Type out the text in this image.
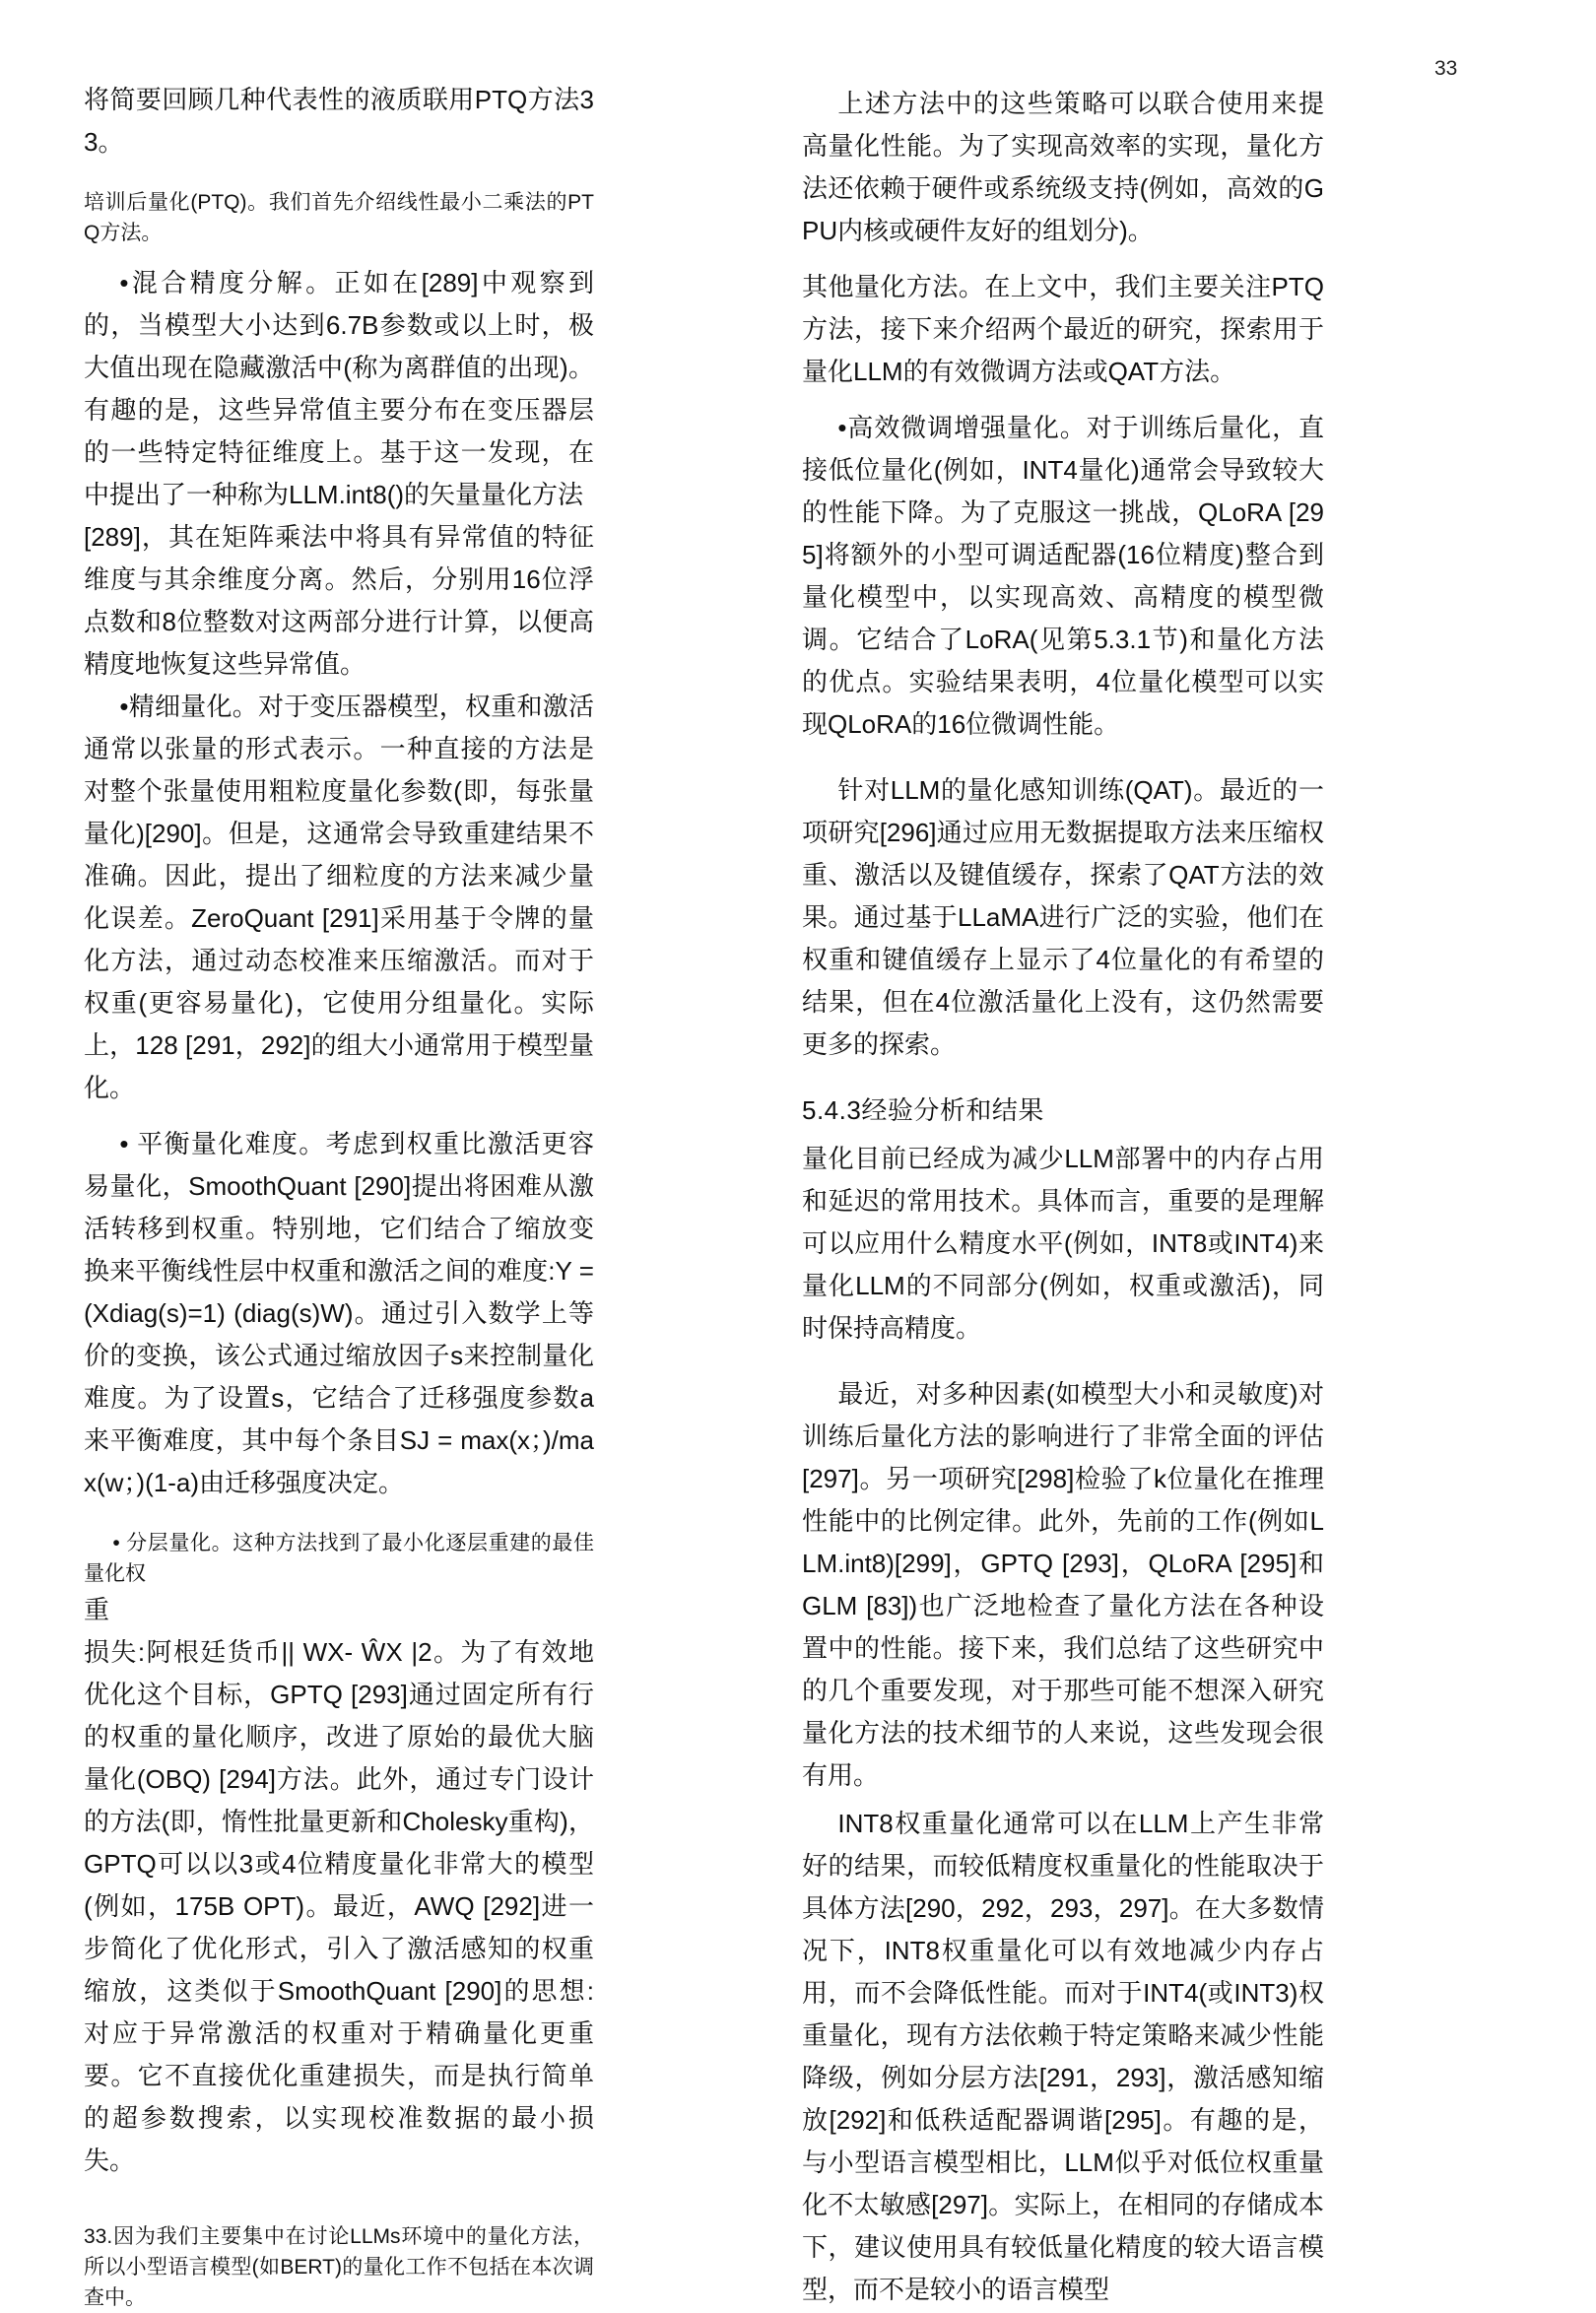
33

将简要回顾几种代表性的液质联用PTQ方法33。

培训后量化(PTQ)。我们首先介绍线性最小二乘法的PTQ方法。

•混合精度分解。正如在[289]中观察到的，当模型大小达到6.7B参数或以上时，极大值出现在隐藏激活中(称为离群值的出现)。有趣的是，这些异常值主要分布在变压器层的一些特定特征维度上。基于这一发现，在中提出了一种称为LLM.int8()的矢量量化方法

[289]，其在矩阵乘法中将具有异常值的特征维度与其余维度分离。然后，分别用16位浮点数和8位整数对这两部分进行计算，以便高精度地恢复这些异常值。

•精细量化。对于变压器模型，权重和激活通常以张量的形式表示。一种直接的方法是对整个张量使用粗粒度量化参数(即，每张量量化)[290]。但是，这通常会导致重建结果不准确。因此，提出了细粒度的方法来减少量化误差。ZeroQuant [291]采用基于令牌的量化方法，通过动态校准来压缩激活。而对于权重(更容易量化)，它使用分组量化。实际上，128 [291，292]的组大小通常用于模型量化。

• 平衡量化难度。考虑到权重比激活更容易量化，SmoothQuant [290]提出将困难从激活转移到权重。特别地，它们结合了缩放变换来平衡线性层中权重和激活之间的难度:Y = (Xdiag(s)=1) (diag(s)W)。通过引入数学上等价的变换，该公式通过缩放因子s来控制量化难度。为了设置s，它结合了迁移强度参数a来平衡难度，其中每个条目SJ = max(x；)/max(w；)(1-a)由迁移强度决定。

• 分层量化。这种方法找到了最小化逐层重建的最佳量化权

重

损失:阿根廷货币|| WX- ŴX |2。为了有效地优化这个目标，GPTQ [293]通过固定所有行的权重的量化顺序，改进了原始的最优大脑量化(OBQ) [294]方法。此外，通过专门设计的方法(即，惰性批量更新和Cholesky重构)，GPTQ可以以3或4位精度量化非常大的模型(例如，175B OPT)。最近，AWQ [292]进一步简化了优化形式，引入了激活感知的权重缩放，这类似于SmoothQuant [290]的思想:对应于异常激活的权重对于精确量化更重要。它不直接优化重建损失，而是执行简单的超参数搜索，以实现校准数据的最小损失。

33.因为我们主要集中在讨论LLMs环境中的量化方法，所以小型语言模型(如BERT)的量化工作不包括在本次调查中。

上述方法中的这些策略可以联合使用来提高量化性能。为了实现高效率的实现，量化方法还依赖于硬件或系统级支持(例如，高效的GPU内核或硬件友好的组划分)。

其他量化方法。在上文中，我们主要关注PTQ方法，接下来介绍两个最近的研究，探索用于量化LLM的有效微调方法或QAT方法。

•高效微调增强量化。对于训练后量化，直接低位量化(例如，INT4量化)通常会导致较大的性能下降。为了克服这一挑战，QLoRA [295]将额外的小型可调适配器(16位精度)整合到量化模型中，以实现高效、高精度的模型微调。它结合了LoRA(见第5.3.1节)和量化方法的优点。实验结果表明，4位量化模型可以实现QLoRA的16位微调性能。

针对LLM的量化感知训练(QAT)。最近的一项研究[296]通过应用无数据提取方法来压缩权重、激活以及键值缓存，探索了QAT方法的效果。通过基于LLaMA进行广泛的实验，他们在权重和键值缓存上显示了4位量化的有希望的结果，但在4位激活量化上没有，这仍然需要更多的探索。

5.4.3经验分析和结果

量化目前已经成为减少LLM部署中的内存占用和延迟的常用技术。具体而言，重要的是理解可以应用什么精度水平(例如，INT8或INT4)来量化LLM的不同部分(例如，权重或激活)，同时保持高精度。

最近，对多种因素(如模型大小和灵敏度)对训练后量化方法的影响进行了非常全面的评估[297]。另一项研究[298]检验了k位量化在推理性能中的比例定律。此外，先前的工作(例如LLM.int8)[299]，GPTQ [293]，QLoRA [295]和GLM [83])也广泛地检查了量化方法在各种设置中的性能。接下来，我们总结了这些研究中的几个重要发现，对于那些可能不想深入研究量化方法的技术细节的人来说，这些发现会很有用。

INT8权重量化通常可以在LLM上产生非常好的结果，而较低精度权重量化的性能取决于具体方法[290，292，293，297]。在大多数情况下，INT8权重量化可以有效地减少内存占用，而不会降低性能。而对于INT4(或INT3)权重量化，现有方法依赖于特定策略来减少性能降级，例如分层方法[291，293]，激活感知缩放[292]和低秩适配器调谐[295]。有趣的是，与小型语言模型相比，LLM似乎对低位权重量化不太敏感[297]。实际上，在相同的存储成本下，建议使用具有较低量化精度的较大语言模型，而不是较小的语言模型
